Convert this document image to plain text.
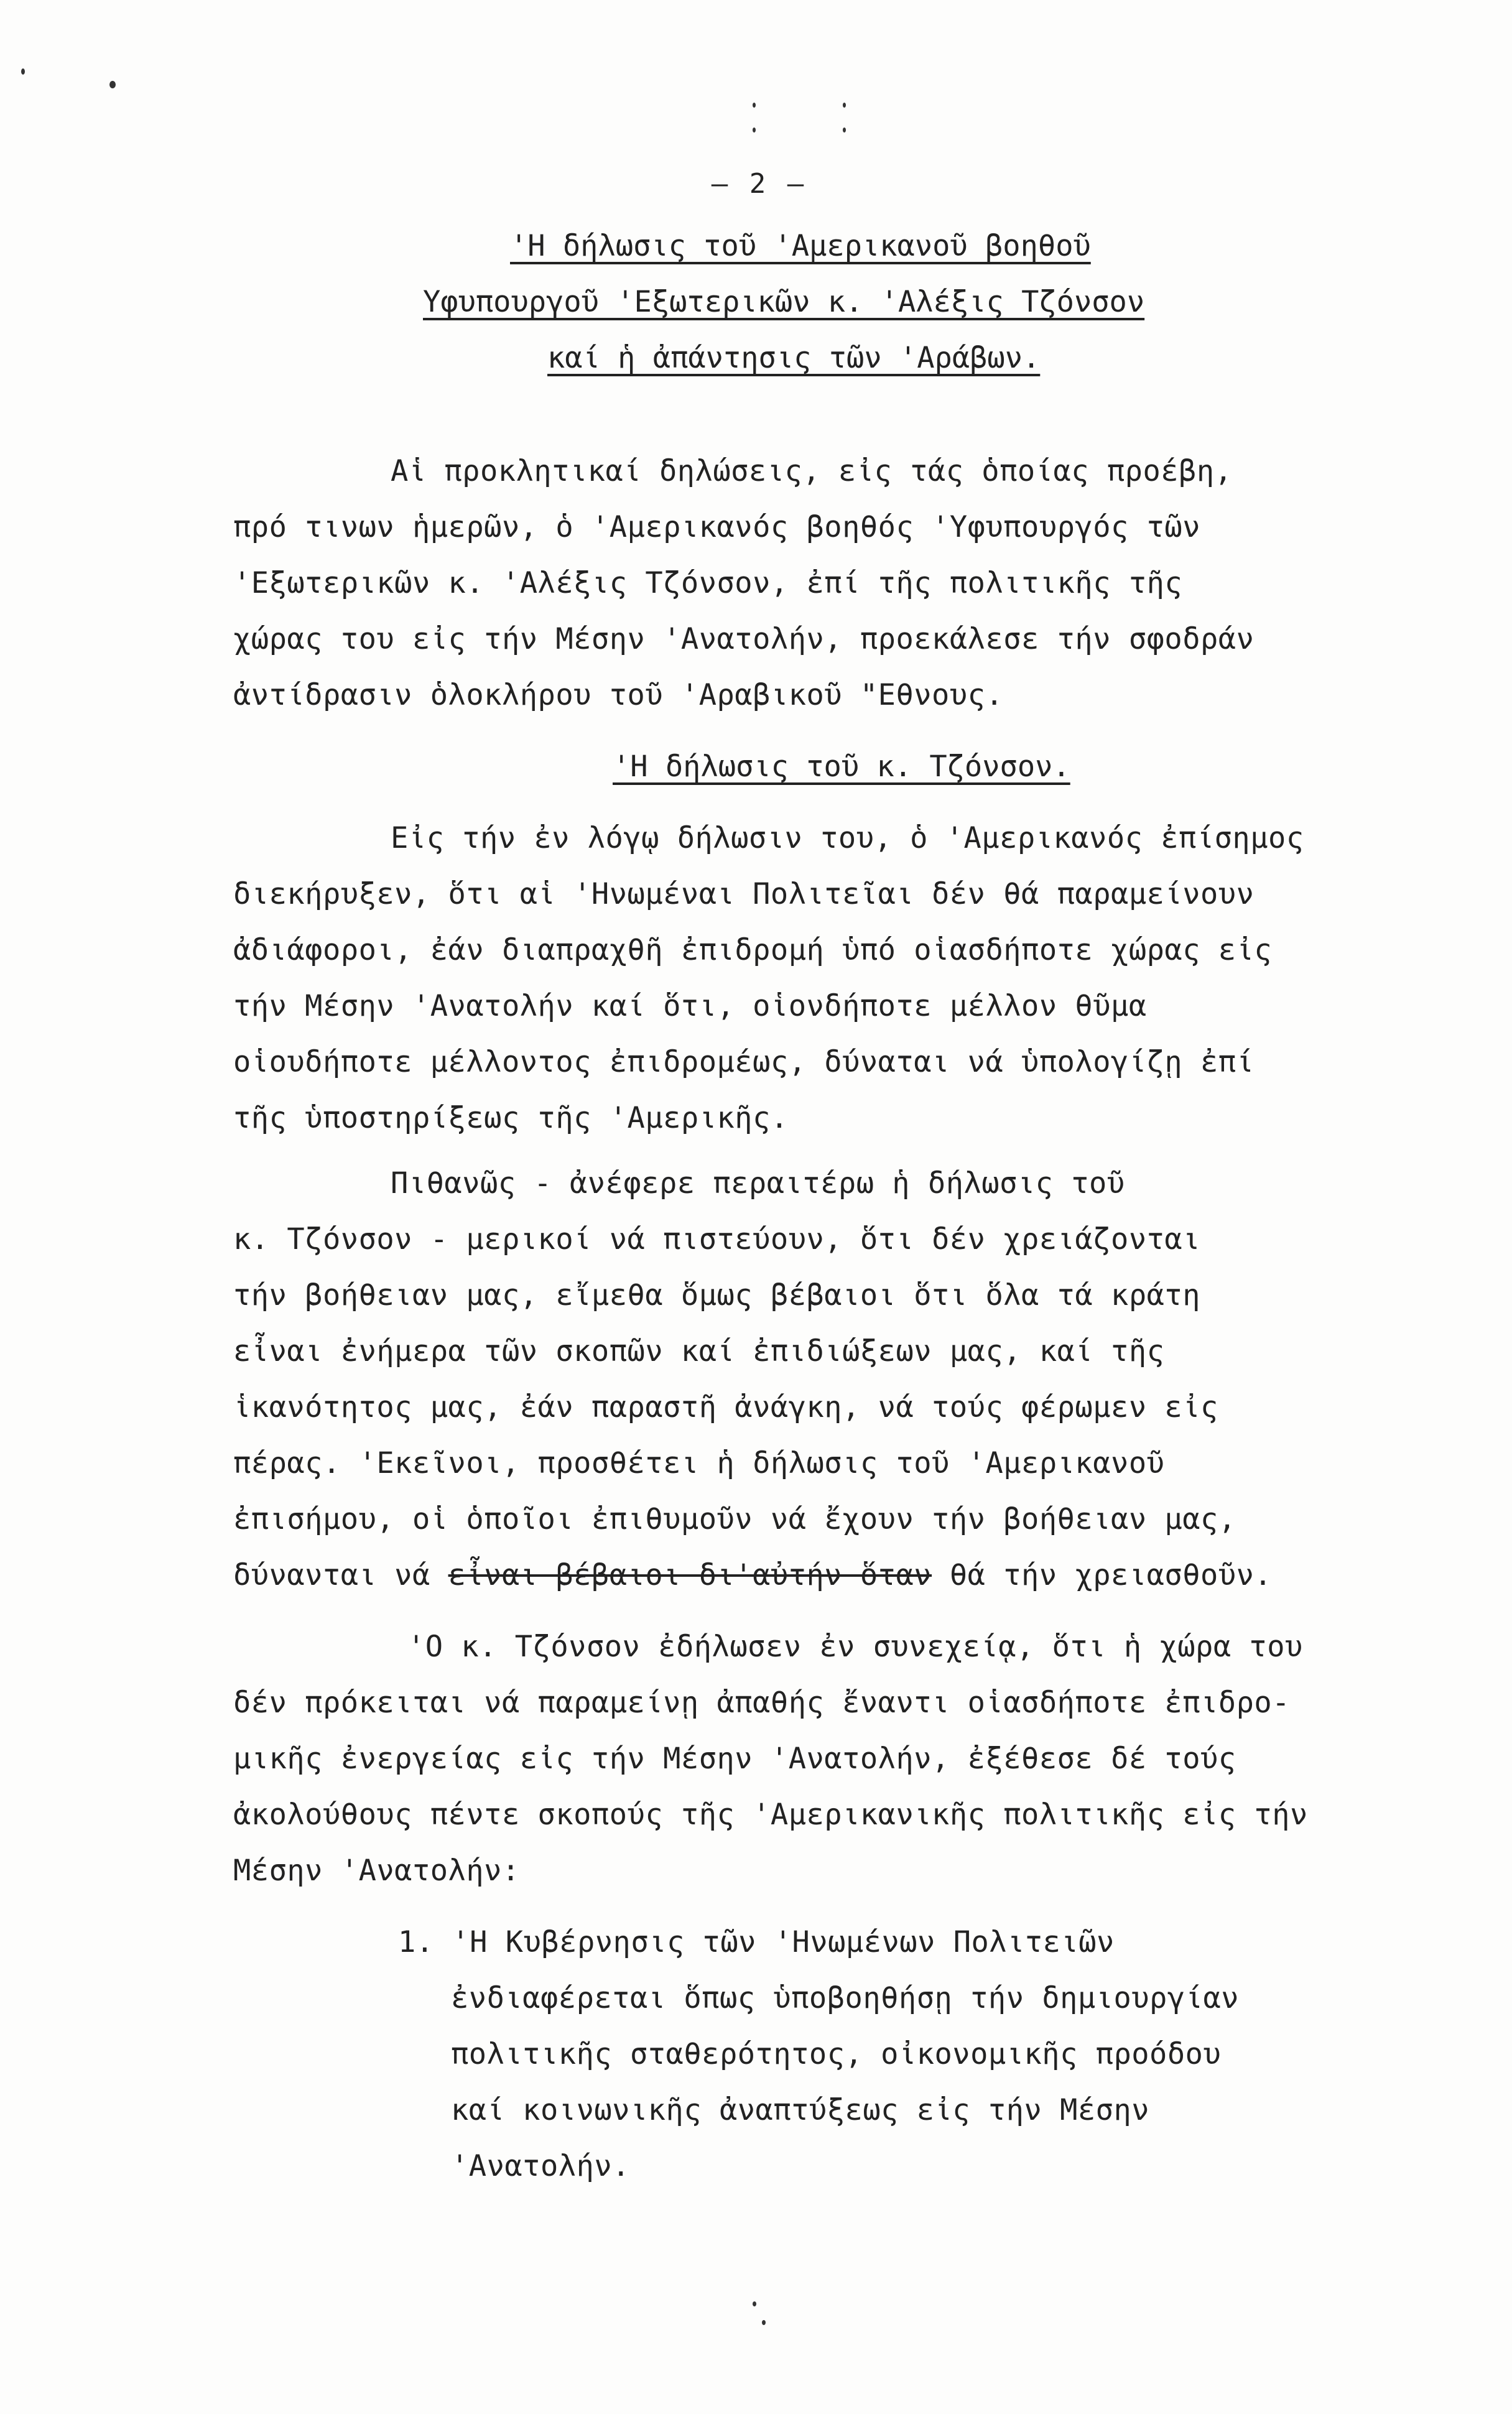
— 2 —
'Η δήλωσις τοῦ 'Αμερικανοῦ βοηθοῦ
Υφυπουργοῦ 'Εξωτερικῶν κ. 'Αλέξις Τζόνσον
καί ἡ ἀπάντησις τῶν 'Αράβων.
Αἱ προκλητικαί δηλώσεις, εἰς τάς ὁποίας προέβη,
πρό τινων ἡμερῶν, ὁ 'Αμερικανός βοηθός 'Υφυπουργός τῶν
'Εξωτερικῶν κ. 'Αλέξις Τζόνσον, ἐπί τῆς πολιτικῆς τῆς
χώρας του εἰς τήν Μέσην 'Ανατολήν, προεκάλεσε τήν σφοδράν
ἀντίδρασιν ὁλοκλήρου τοῦ 'Αραβικοῦ "Εθνους.
'Η δήλωσις τοῦ κ. Τζόνσον.
Εἰς τήν ἐν λόγῳ δήλωσιν του, ὁ 'Αμερικανός ἐπίσημος
διεκήρυξεν, ὅτι αἱ 'Ηνωμέναι Πολιτεῖαι δέν θά παραμείνουν
ἀδιάφοροι, ἐάν διαπραχθῆ ἐπιδρομή ὑπό οἱασδήποτε χώρας εἰς
τήν Μέσην 'Ανατολήν καί ὅτι, οἱονδήποτε μέλλον θῦμα
οἱουδήποτε μέλλοντος ἐπιδρομέως, δύναται νά ὑπολογίζῃ ἐπί
τῆς ὑποστηρίξεως τῆς 'Αμερικῆς.
Πιθανῶς - ἀνέφερε περαιτέρω ἡ δήλωσις τοῦ
κ. Τζόνσον - μερικοί νά πιστεύουν, ὅτι δέν χρειάζονται
τήν βοήθειαν μας, εἴμεθα ὅμως βέβαιοι ὅτι ὅλα τά κράτη
εἶναι ἐνήμερα τῶν σκοπῶν καί ἐπιδιώξεων μας, καί τῆς
ἱκανότητος μας, ἐάν παραστῆ ἀνάγκη, νά τούς φέρωμεν εἰς
πέρας. 'Εκεῖνοι, προσθέτει ἡ δήλωσις τοῦ 'Αμερικανοῦ
ἐπισήμου, οἱ ὁποῖοι ἐπιθυμοῦν νά ἔχουν τήν βοήθειαν μας,
δύνανται νά εἶναι βέβαιοι δι'αὐτήν ὅταν θά τήν χρειασθοῦν.
'Ο κ. Τζόνσον ἐδήλωσεν ἐν συνεχείᾳ, ὅτι ἡ χώρα του
δέν πρόκειται νά παραμείνῃ ἀπαθής ἔναντι οἱασδήποτε ἐπιδρο-
μικῆς ἐνεργείας εἰς τήν Μέσην 'Ανατολήν, ἐξέθεσε δέ τούς
ἀκολούθους πέντε σκοπούς τῆς 'Αμερικανικῆς πολιτικῆς εἰς τήν
Μέσην 'Ανατολήν:
1. 'Η Κυβέρνησις τῶν 'Ηνωμένων Πολιτειῶν
ἐνδιαφέρεται ὅπως ὑποβοηθήσῃ τήν δημιουργίαν
πολιτικῆς σταθερότητος, οἰκονομικῆς προόδου
καί κοινωνικῆς ἀναπτύξεως εἰς τήν Μέσην
'Ανατολήν.
